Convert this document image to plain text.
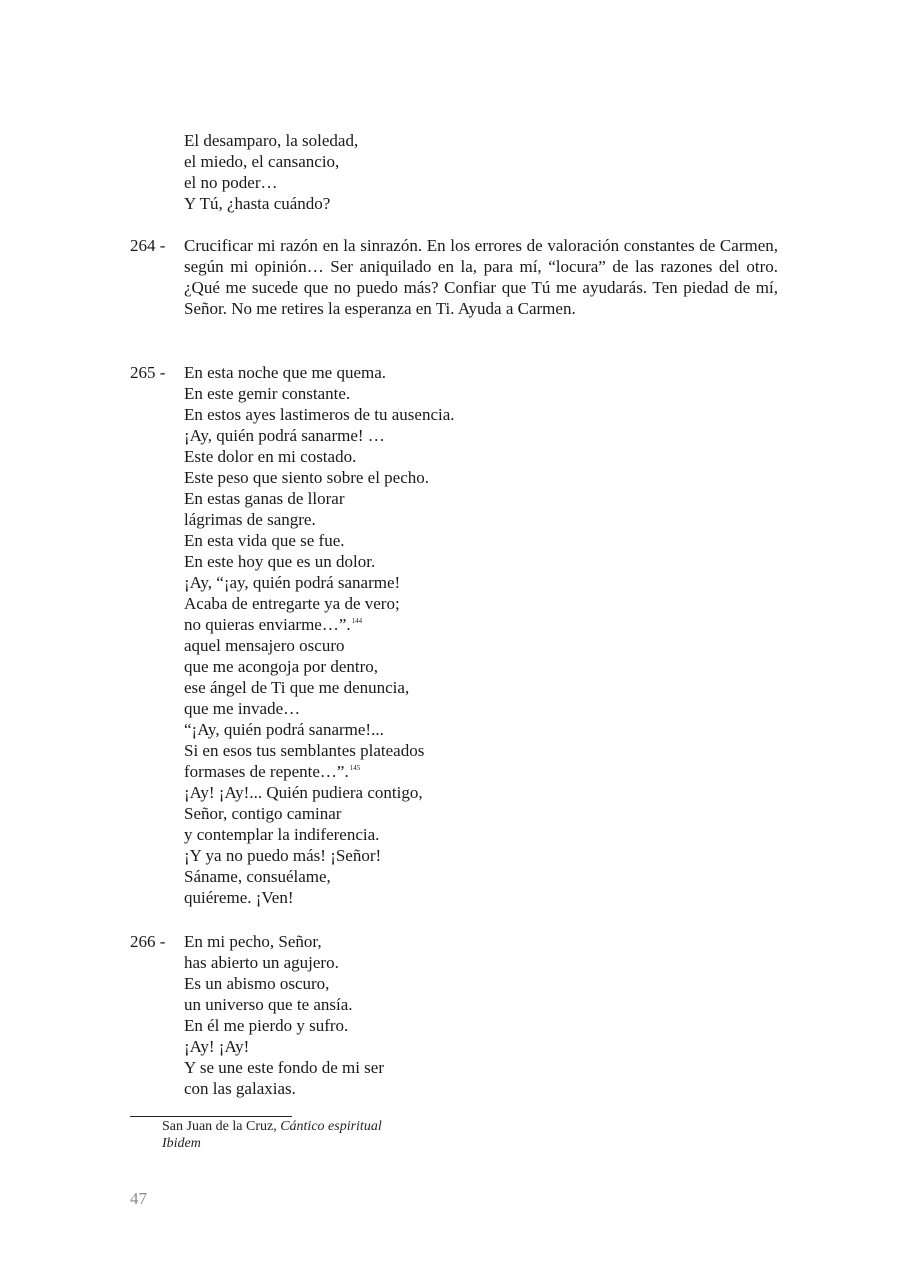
El desamparo, la soledad,
el miedo, el cansancio,
el no poder…
Y Tú, ¿hasta cuándo?
264 -	Crucificar mi razón en la sinrazón. En los errores de valoración constantes de Carmen, según mi opinión… Ser aniquilado en la, para mí, “locura” de las razones del otro. ¿Qué me sucede que no puedo más? Confiar que Tú me ayudarás. Ten piedad de mí, Señor. No me retires la esperanza en Ti. Ayuda a Carmen.
265 -	En esta noche que me quema.
En este gemir constante.
En estos ayes lastimeros de tu ausencia.
¡Ay, quién podrá sanarme! …
Este dolor en mi costado.
Este peso que siento sobre el pecho.
En estas ganas de llorar
lágrimas de sangre.
En esta vida que se fue.
En este hoy que es un dolor.
¡Ay, “¡ay, quién podrá sanarme!
Acaba de entregarte ya de vero;
no quieras enviarme…”.$^{144}$
aquel mensajero oscuro
que me acongoja por dentro,
ese ángel de Ti que me denuncia,
que me invade…
“¡Ay, quién podrá sanarme!...
Si en esos tus semblantes plateados
formases de repente…”.$^{145}$
¡Ay! ¡Ay!... Quién pudiera contigo,
Señor, contigo caminar
y contemplar la indiferencia.
¡Y ya no puedo más! ¡Señor!
Sáname, consuélame,
quiéreme. ¡Ven!
266 -	En mi pecho, Señor,
has abierto un agujero.
Es un abismo oscuro,
un universo que te ansía.
En él me pierdo y sufro.
¡Ay! ¡Ay!
Y se une este fondo de mi ser
con las galaxias.
San Juan de la Cruz, Cántico espiritual
Ibidem
47
